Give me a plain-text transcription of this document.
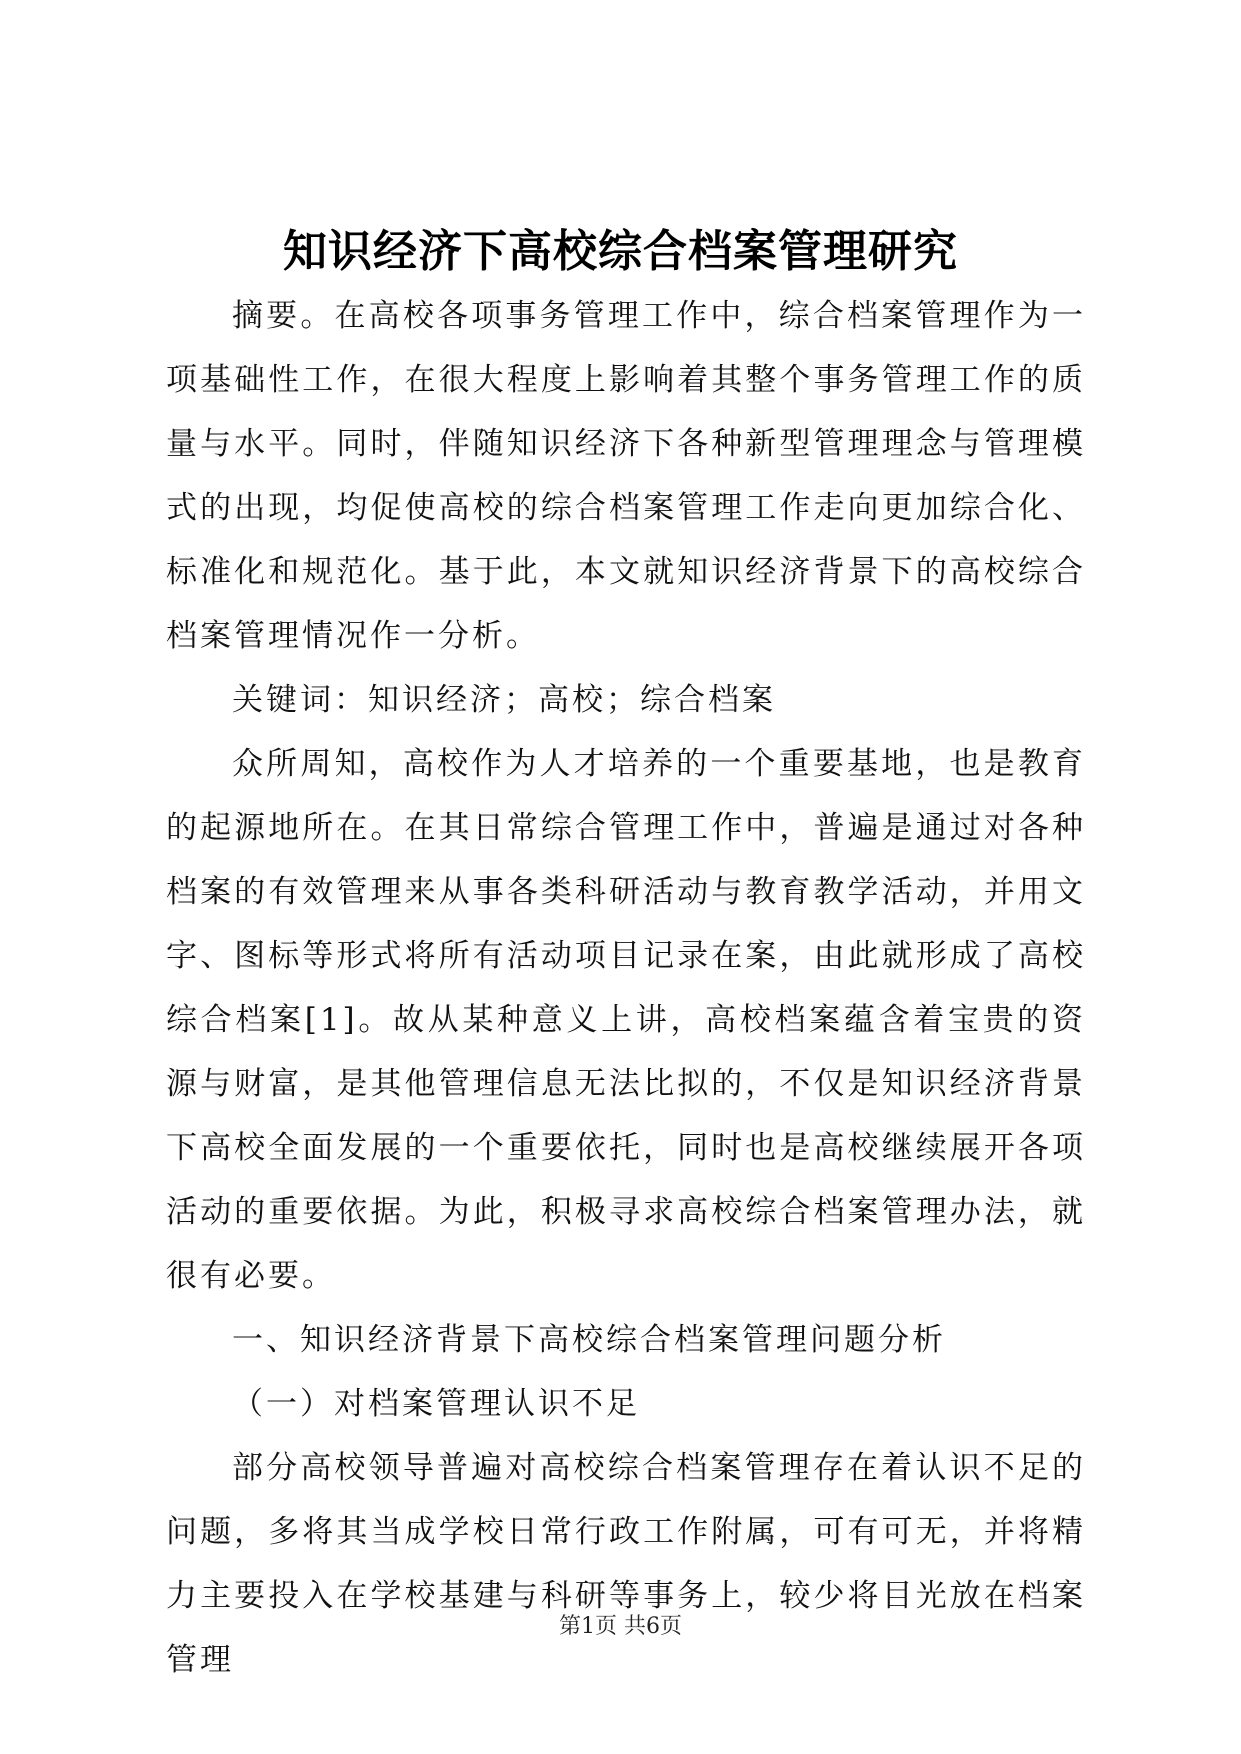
知识经济下高校综合档案管理研究

摘要。在高校各项事务管理工作中，综合档案管理作为一项基础性工作，在很大程度上影响着其整个事务管理工作的质量与水平。同时，伴随知识经济下各种新型管理理念与管理模式的出现，均促使高校的综合档案管理工作走向更加综合化、标准化和规范化。基于此，本文就知识经济背景下的高校综合档案管理情况作一分析。

关键词：知识经济；高校；综合档案

众所周知，高校作为人才培养的一个重要基地，也是教育的起源地所在。在其日常综合管理工作中，普遍是通过对各种档案的有效管理来从事各类科研活动与教育教学活动，并用文字、图标等形式将所有活动项目记录在案，由此就形成了高校综合档案[1]。故从某种意义上讲，高校档案蕴含着宝贵的资源与财富，是其他管理信息无法比拟的，不仅是知识经济背景下高校全面发展的一个重要依托，同时也是高校继续展开各项活动的重要依据。为此，积极寻求高校综合档案管理办法，就很有必要。

一、知识经济背景下高校综合档案管理问题分析

（一）对档案管理认识不足

部分高校领导普遍对高校综合档案管理存在着认识不足的问题，多将其当成学校日常行政工作附属，可有可无，并将精力主要投入在学校基建与科研等事务上，较少将目光放在档案管理

第1页 共6页
